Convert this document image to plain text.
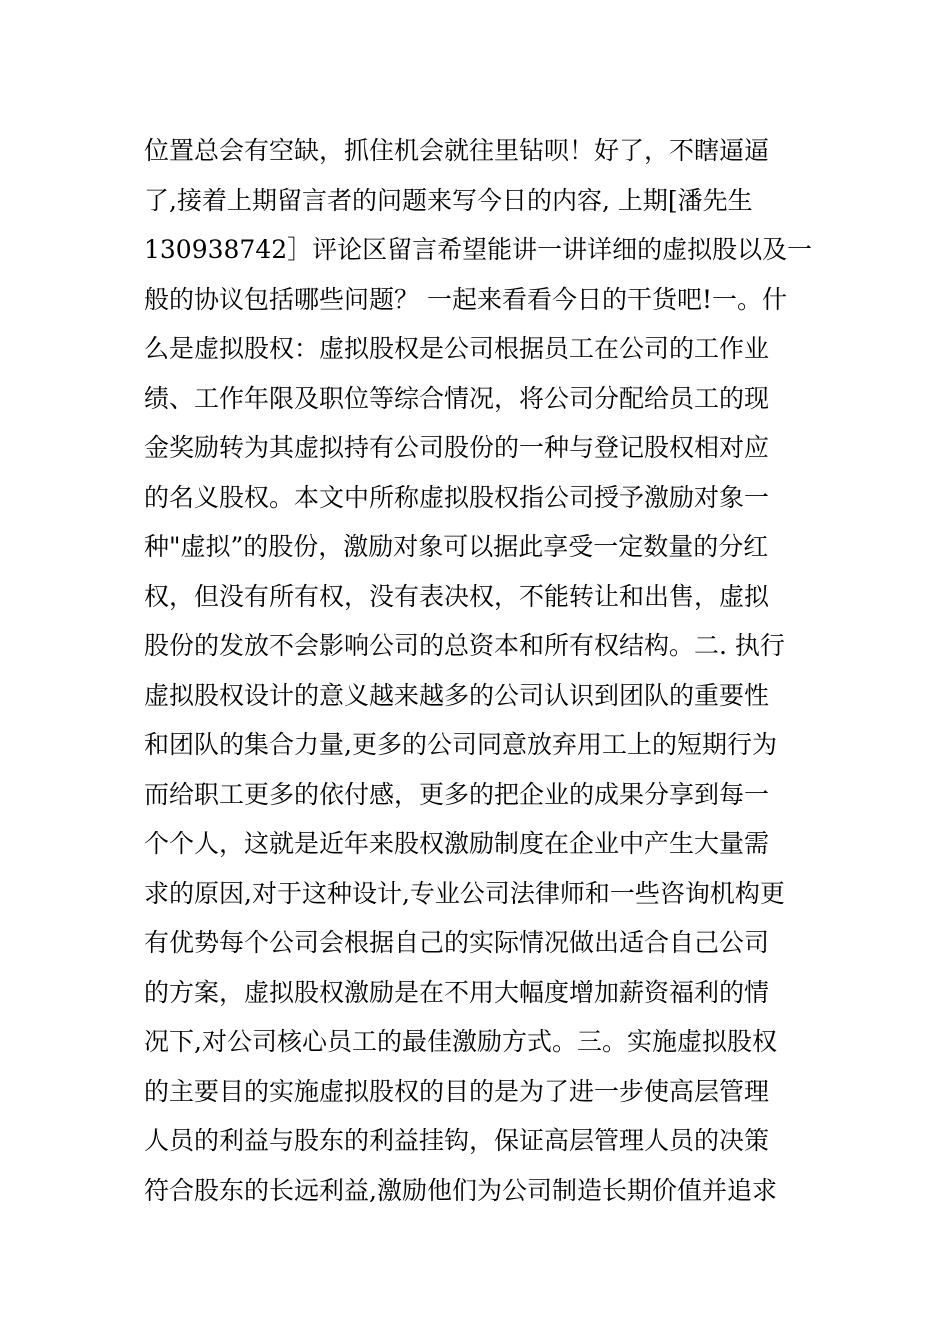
位置总会有空缺，抓住机会就往里钻呗！好了，不瞎逼逼
了,接着上期留言者的问题来写今日的内容, 上期[潘先生
130938742］评论区留言希望能讲一讲详细的虚拟股以及一
般的协议包括哪些问题？ 一起来看看今日的干货吧!一。什
么是虚拟股权：虚拟股权是公司根据员工在公司的工作业
绩、工作年限及职位等综合情况，将公司分配给员工的现
金奖励转为其虚拟持有公司股份的一种与登记股权相对应
的名义股权。本文中所称虚拟股权指公司授予激励对象一
种"虚拟”的股份，激励对象可以据此享受一定数量的分红
权，但没有所有权，没有表决权，不能转让和出售，虚拟
股份的发放不会影响公司的总资本和所有权结构。二. 执行
虚拟股权设计的意义越来越多的公司认识到团队的重要性
和团队的集合力量,更多的公司同意放弃用工上的短期行为
而给职工更多的依付感，更多的把企业的成果分享到每一
个个人，这就是近年来股权激励制度在企业中产生大量需
求的原因,对于这种设计,专业公司法律师和一些咨询机构更
有优势每个公司会根据自己的实际情况做出适合自己公司
的方案，虚拟股权激励是在不用大幅度增加薪资福利的情
况下,对公司核心员工的最佳激励方式。三。实施虚拟股权
的主要目的实施虚拟股权的目的是为了进一步使高层管理
人员的利益与股东的利益挂钩，保证高层管理人员的决策
符合股东的长远利益,激励他们为公司制造长期价值并追求
